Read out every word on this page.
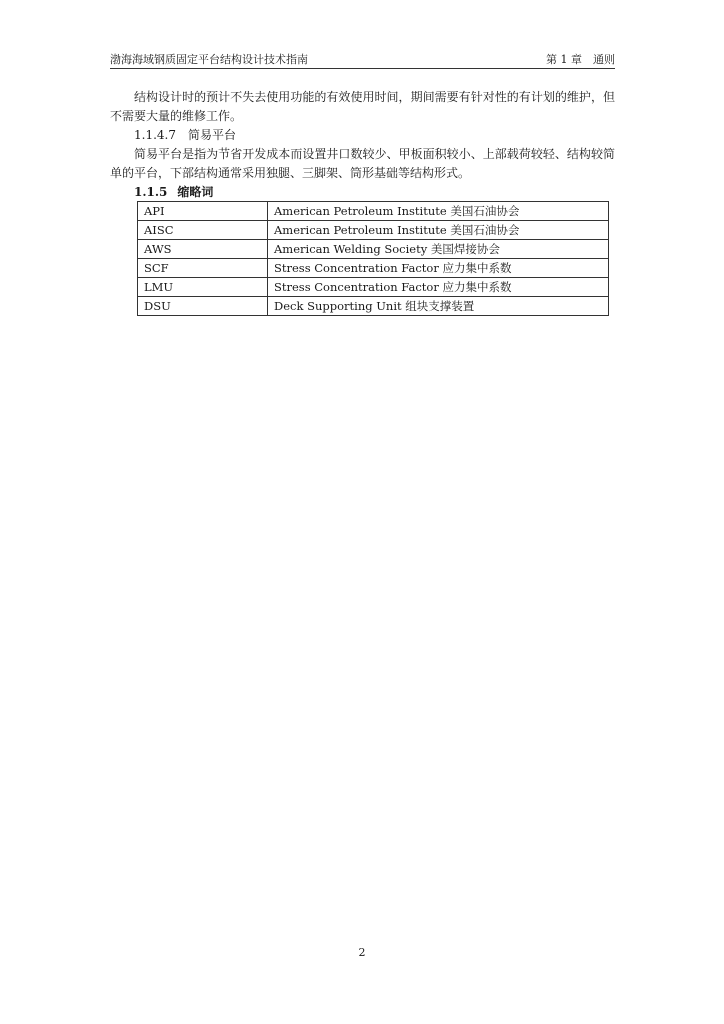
渤海海域钢质固定平台结构设计技术指南	第 1 章　通则
结构设计时的预计不失去使用功能的有效使用时间，期间需要有针对性的有计划的维护，但不需要大量的维修工作。
1.1.4.7　简易平台
简易平台是指为节省开发成本而设置井口数较少、甲板面积较小、上部载荷较轻、结构较简单的平台，下部结构通常采用独腿、三脚架、筒形基础等结构形式。
1.1.5 缩略词
API	American Petroleum Institute 美国石油协会
AISC	American Petroleum Institute 美国石油协会
AWS	American Welding Society 美国焊接协会
SCF	Stress Concentration Factor 应力集中系数
LMU	Stress Concentration Factor 应力集中系数
DSU	Deck Supporting Unit 组块支撑装置
2
